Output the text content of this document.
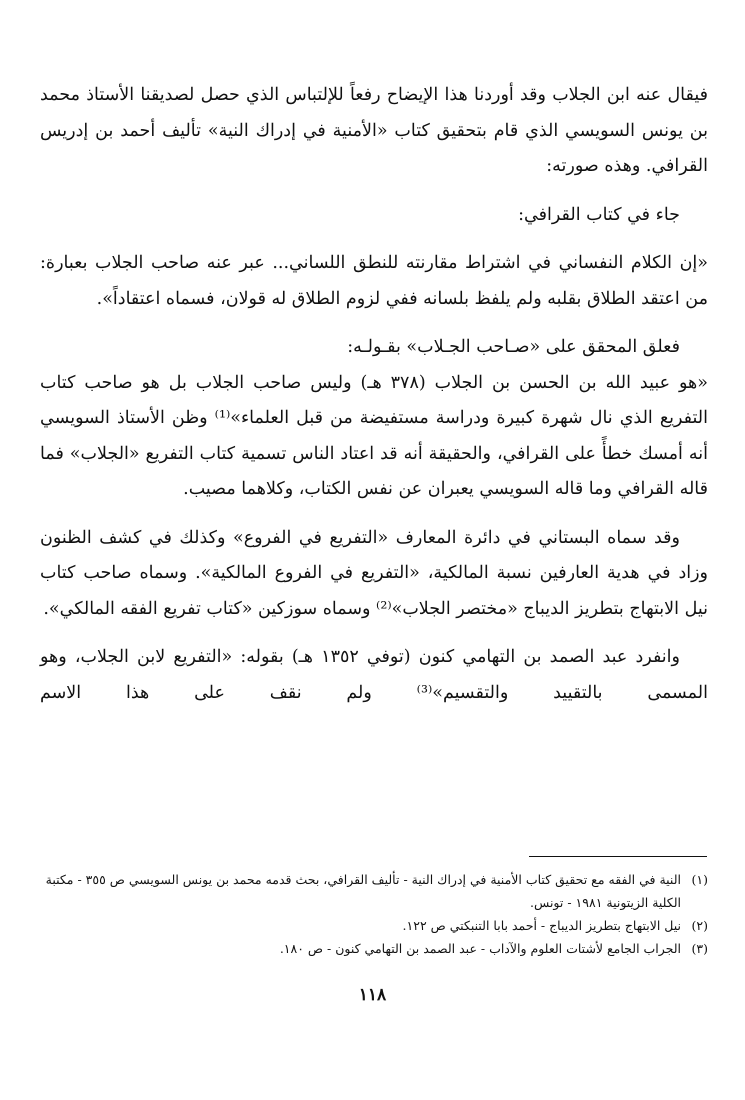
فيقال عنه ابن الجلاب وقد أوردنا هذا الإيضاح رفعاً للإلتباس الذي حصل لصديقنا الأستاذ محمد بن يونس السويسي الذي قام بتحقيق كتاب «الأمنية في إدراك النية» تأليف أحمد بن إدريس القرافي. وهذه صورته:

جاء في كتاب القرافي:

«إن الكلام النفساني في اشتراط مقارنته للنطق اللساني... عبر عنه صاحب الجلاب بعبارة: من اعتقد الطلاق بقلبه ولم يلفظ بلسانه ففي لزوم الطلاق له قولان، فسماه اعتقاداً».

فعلق المحقق على «صـاحب الجـلاب» بقـولـه:

«هو عبيد الله بن الحسن بن الجلاب (٣٧٨ هـ) وليس صاحب الجلاب بل هو صاحب كتاب التفريع الذي نال شهرة كبيرة ودراسة مستفيضة من قبل العلماء»⁽¹⁾ وظن الأستاذ السويسي أنه أمسك خطأً على القرافي، والحقيقة أنه قد اعتاد الناس تسمية كتاب التفريع «الجلاب» فما قاله القرافي وما قاله السويسي يعبران عن نفس الكتاب، وكلاهما مصيب.

وقد سماه البستاني في دائرة المعارف «التفريع في الفروع» وكذلك في كشف الظنون وزاد في هدية العارفين نسبة المالكية، «التفريع في الفروع المالكية». وسماه صاحب كتاب نيل الابتهاج بتطريز الديباج «مختصر الجلاب»⁽²⁾ وسماه سوزكين «كتاب تفريع الفقه المالكي».

وانفرد عبد الصمد بن التهامي كنون (توفي ١٣٥٢ هـ) بقوله: «التفريع لابن الجلاب، وهو المسمى بالتقييد والتقسيم»⁽³⁾ ولم نقف على هذا الاسم

(١)
النية في الفقه مع تحقيق كتاب الأمنية في إدراك النية - تأليف القرافي، بحث قدمه محمد بن يونس السويسي ص ٣٥٥ - مكتبة الكلية الزيتونية ١٩٨١ - تونس.

(٢)
نيل الابتهاج بتطريز الديباج - أحمد بابا التنبكتي ص ١٢٢.

(٣)
الجراب الجامع لأشتات العلوم والآداب - عبد الصمد بن التهامي كنون - ص ١٨٠.

١١٨
